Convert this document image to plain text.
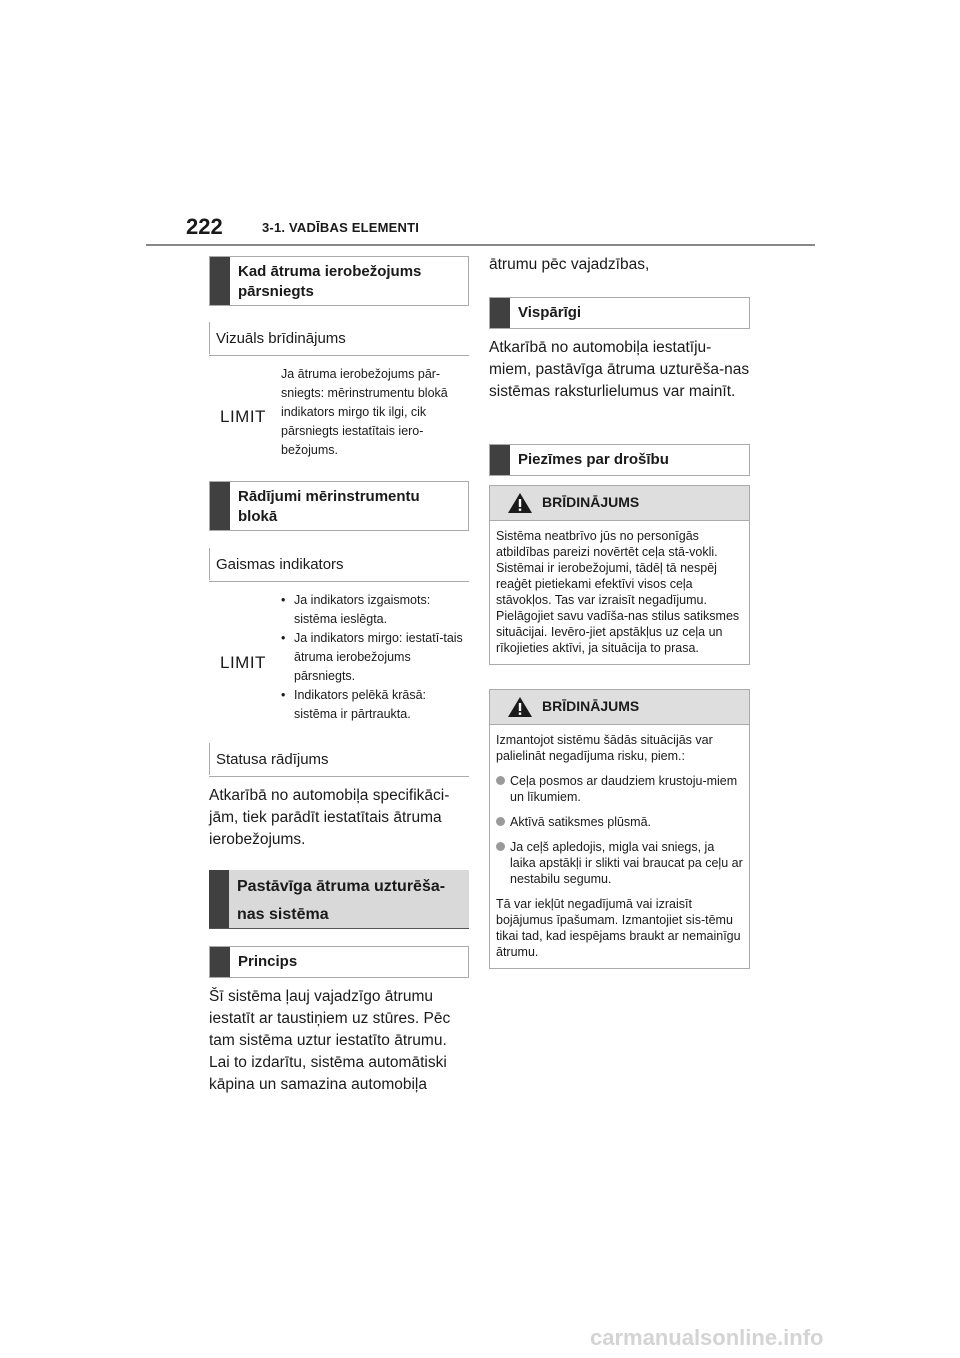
222	3-1. VADĪBAS ELEMENTI
Kad ātruma ierobežojums pārsniegts
Vizuāls brīdinājums
LIMIT
Ja ātruma ierobežojums pār-sniegts: mērinstrumentu blokā indikators mirgo tik ilgi, cik pārsniegts iestatītais iero-bežojums.
Rādījumi mērinstrumentu blokā
Gaismas indikators
LIMIT
• Ja indikators izgaismots: sistēma ieslēgta.
• Ja indikators mirgo: iestatī-tais ātruma ierobežojums pārsniegts.
• Indikators pelēkā krāsā: sistēma ir pārtraukta.
Statusa rādījums
Atkarībā no automobiļa specifikāci-jām, tiek parādīt iestatītais ātruma ierobežojums.
Pastāvīga ātruma uzturēša-nas sistēma
Princips
Šī sistēma ļauj vajadzīgo ātrumu iestatīt ar taustiņiem uz stūres. Pēc tam sistēma uztur iestatīto ātrumu. Lai to izdarītu, sistēma automātiski kāpina un samazina automobiļa
ātrumu pēc vajadzības,
Vispārīgi
Atkarībā no automobiļa iestatīju-miem, pastāvīga ātruma uzturēša-nas sistēmas raksturlielumus var mainīt.
Piezīmes par drošību
BRĪDINĀJUMS

Sistēma neatbrīvo jūs no personīgās atbildības pareizi novērtēt ceļa stā-vokli. Sistēmai ir ierobežojumi, tādēļ tā nespēj reaģēt pietiekami efektīvi visos ceļa stāvokļos. Tas var izraisīt negadījumu. Pielāgojiet savu vadīša-nas stilus satiksmes situācijai. Ievēro-jiet apstākļus uz ceļa un rīkojieties aktīvi, ja situācija to prasa.

BRĪDINĀJUMS

Izmantojot sistēmu šādās situācijās var palielināt negadījuma risku, piem.:

Ceļa posmos ar daudziem krustoju-miem un līkumiem.
Aktīvā satiksmes plūsmā.
Ja ceļš apledojis, migla vai sniegs, ja laika apstākļi ir slikti vai braucat pa ceļu ar nestabilu segumu.

Tā var iekļūt negadījumā vai izraisīt bojājumus īpašumam. Izmantojiet sis-tēmu tikai tad, kad iespējams braukt ar nemainīgu ātrumu.

carmanualsonline.info
